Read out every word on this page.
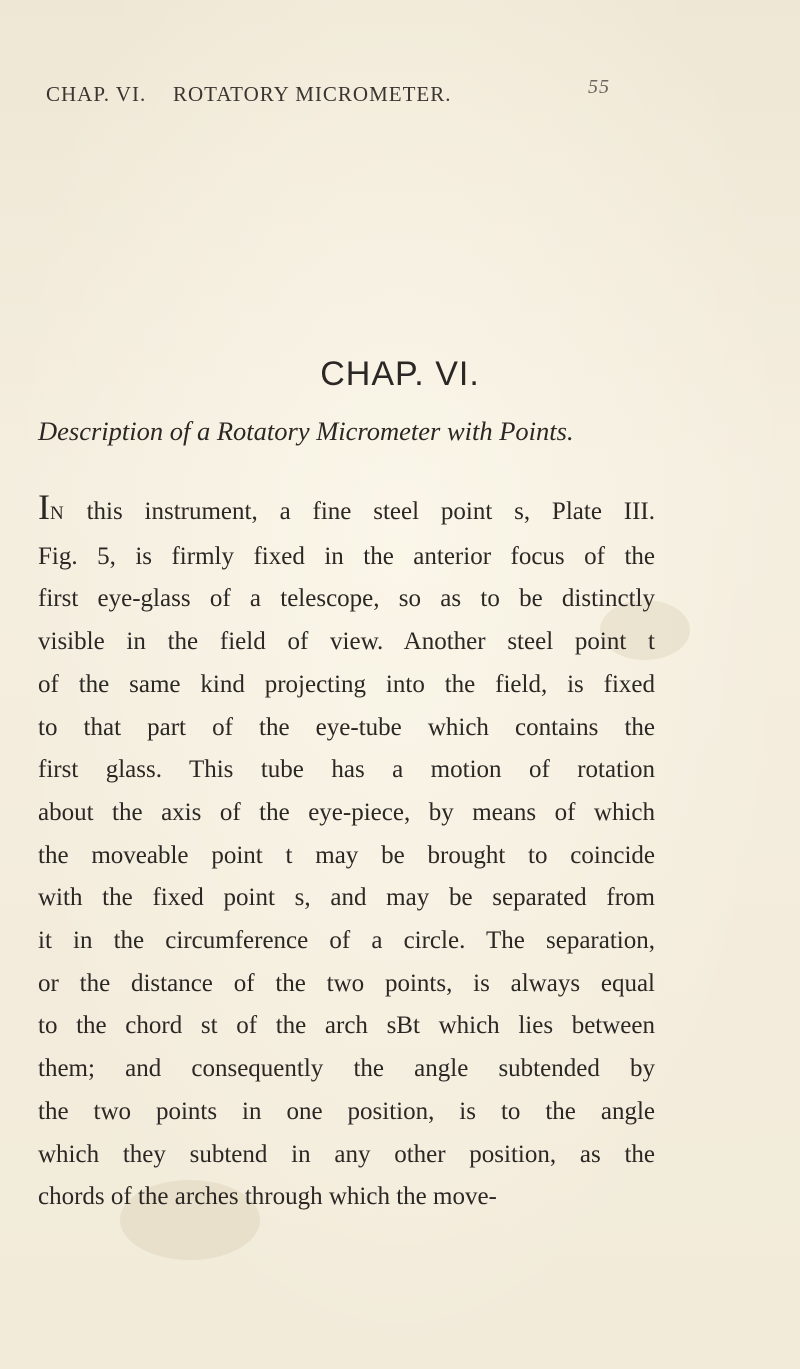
CHAP. VI. ROTATORY MICROMETER.	55
CHAP. VI.
Description of a Rotatory Micrometer with Points.
IN this instrument, a fine steel point s, Plate III.
Fig. 5, is firmly fixed in the anterior focus of the
first eye-glass of a telescope, so as to be distinctly
visible in the field of view. Another steel point t
of the same kind projecting into the field, is fixed
to that part of the eye-tube which contains the
first glass. This tube has a motion of rotation
about the axis of the eye-piece, by means of which
the moveable point t may be brought to coincide
with the fixed point s, and may be separated from
it in the circumference of a circle. The separation,
or the distance of the two points, is always equal
to the chord st of the arch sBt which lies between
them; and consequently the angle subtended by
the two points in one position, is to the angle
which they subtend in any other position, as the
chords of the arches through which the move-
